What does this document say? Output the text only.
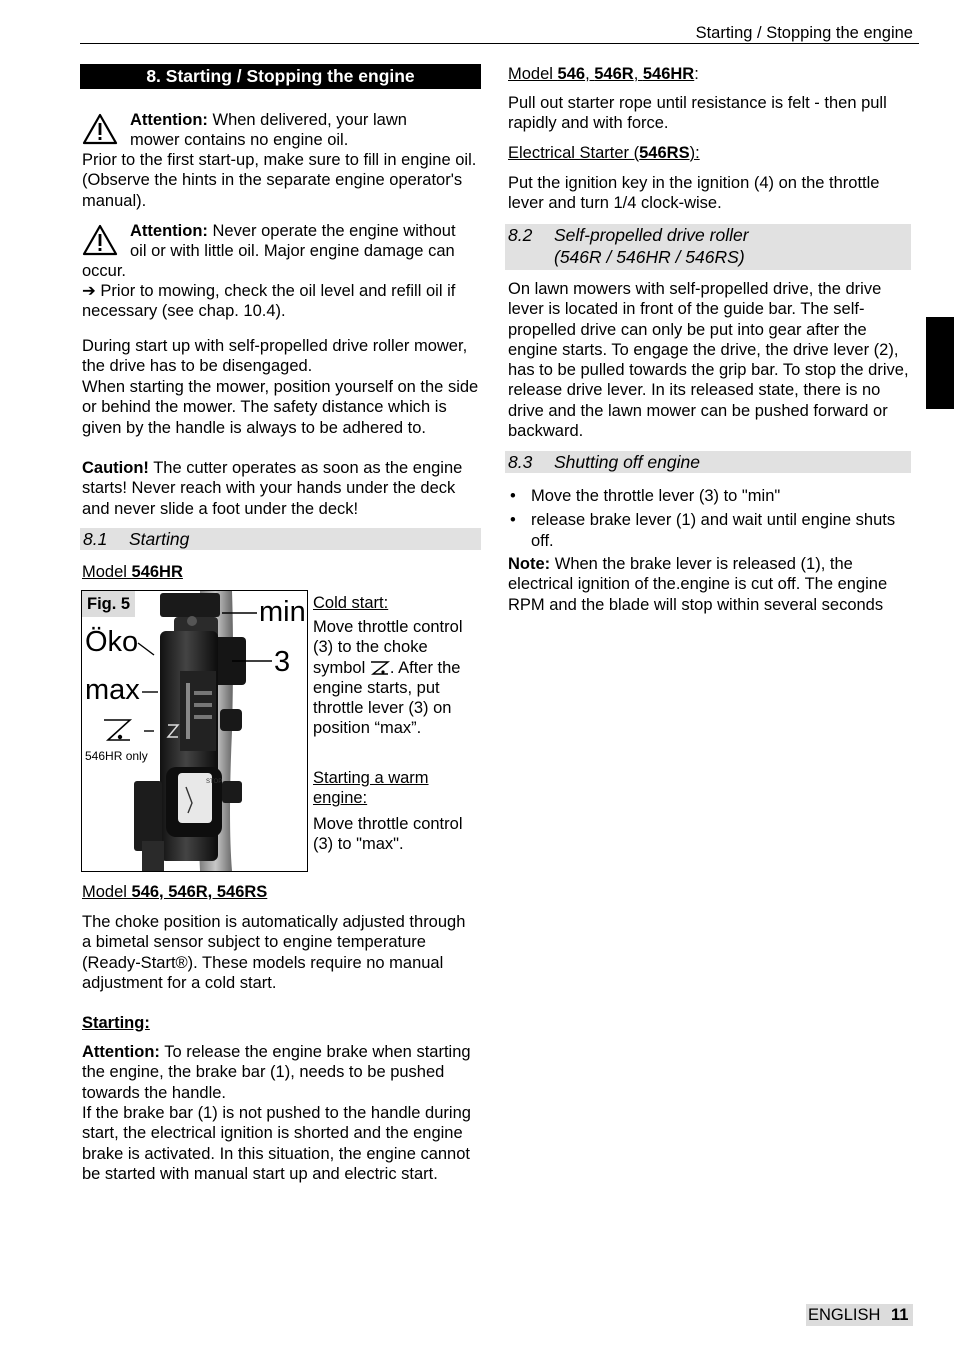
Starting / Stopping the engine
8. Starting / Stopping the engine
Attention: When delivered, your lawn
mower contains no engine oil.

Prior to the first start-up, make sure to fill in engine oil. (Observe the hints in the separate engine operator's manual).

Attention: Never operate the engine without
oil or with little oil. Major engine damage can

occur.

➔ Prior to mowing, check the oil level and refill oil if necessary (see chap. 10.4).

During start up with self-propelled drive roller mower, the drive has to be disengaged.

When starting the mower, position yourself on the side or behind the mower. The safety distance which is given by the handle is always to be adhered to.

Caution! The cutter operates as soon as the engine starts! Never reach with your hands under the deck and never slide a foot under the deck!

8.1 Starting

Model 546HR

STOP
Fig. 5	min
Öko
3
max
546HR only

Cold start:

Move throttle control (3) to the choke symbol . After the engine starts, put throttle lever (3) on position “max”.

Starting a warm engine:

Move throttle control (3) to "max".

Model 546, 546R, 546RS

The choke position is automatically adjusted through a bimetal sensor subject to engine temperature (Ready-Start®). These models require no manual adjustment for a cold start.

Starting:

Attention: To release the engine brake when starting the engine, the brake bar (1), needs to be pushed towards the handle.

If the brake bar (1) is not pushed to the handle during start, the electrical ignition is shorted and the engine brake is activated. In this situation, the engine cannot be started with manual start up and electric start.

Model 546, 546R, 546HR:

Pull out starter rope until resistance is felt - then pull rapidly and with force.

Electrical Starter (546RS):

Put the ignition key in the ignition (4) on the throttle lever and turn 1/4 clock-wise.

8.2 Self-propelled drive roller
(546R / 546HR / 546RS)

On lawn mowers with self-propelled drive, the drive lever is located in front of the guide bar. The self-propelled drive can only be put into gear after the engine starts. To engage the drive, the drive lever (2), has to be pulled towards the grip bar. To stop the drive, release drive lever. In its released state, there is no drive and the lawn mower can be pushed forward or backward.

8.3 Shutting off engine
• Move the throttle lever (3) to "min"
• release brake lever (1) and wait until engine shuts off.

Note: When the brake lever is released (1), the electrical ignition of the.engine is cut off. The engine RPM and the blade will stop within several seconds

ENGLISH 11
